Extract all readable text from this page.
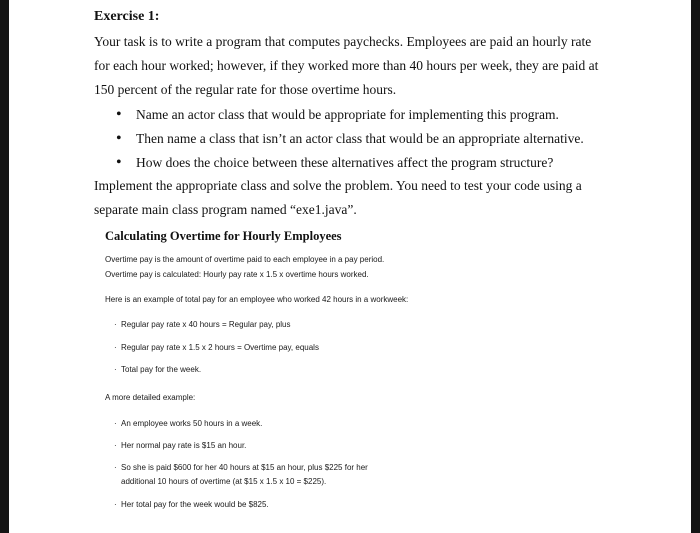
Exercise 1:
Your task is to write a program that computes paychecks. Employees are paid an hourly rate
for each hour worked; however, if they worked more than 40 hours per week, they are paid at
150 percent of the regular rate for those overtime hours.
• Name an actor class that would be appropriate for implementing this program.
• Then name a class that isn’t an actor class that would be an appropriate alternative.
• How does the choice between these alternatives affect the program structure?
Implement the appropriate class and solve the problem. You need to test your code using a
separate main class program named “exe1.java”.
Calculating Overtime for Hourly Employees
Overtime pay is the amount of overtime paid to each employee in a pay period.
Overtime pay is calculated: Hourly pay rate x 1.5 x overtime hours worked.
Here is an example of total pay for an employee who worked 42 hours in a workweek:
· Regular pay rate x 40 hours = Regular pay, plus
· Regular pay rate x 1.5 x 2 hours = Overtime pay, equals
· Total pay for the week.
A more detailed example:
· An employee works 50 hours in a week.
· Her normal pay rate is $15 an hour.
· So she is paid $600 for her 40 hours at $15 an hour, plus $225 for her
additional 10 hours of overtime (at $15 x 1.5 x 10 = $225).
· Her total pay for the week would be $825.
